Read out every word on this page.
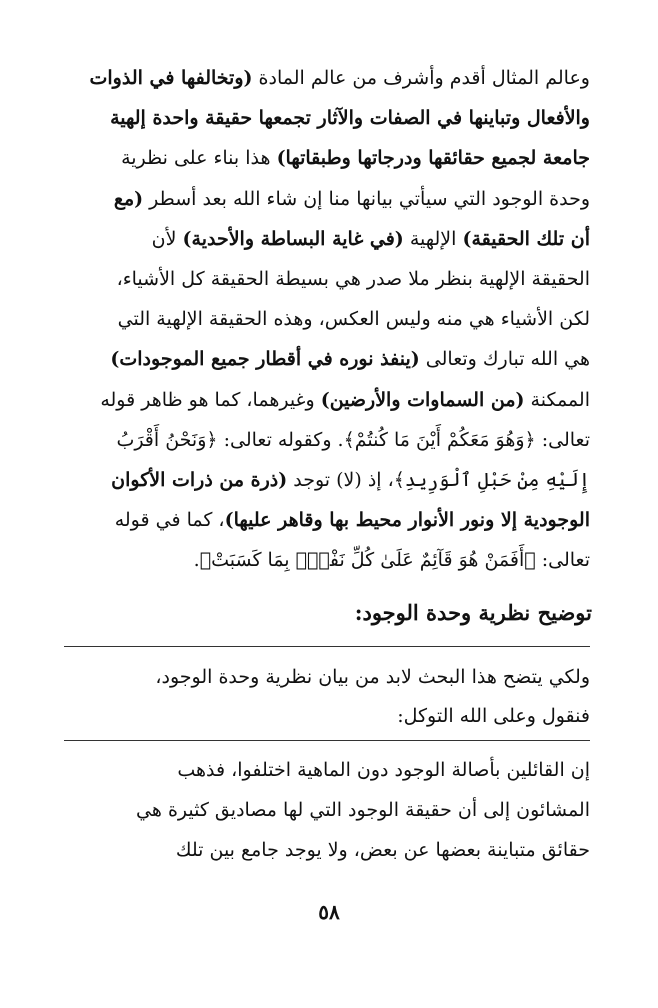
وعالم المثال أقدم وأشرف من عالم المادة (وتخالفها في الذوات
والأفعال وتباينها في الصفات والآثار تجمعها حقيقة واحدة إلهية
جامعة لجميع حقائقها ودرجاتها وطبقاتها) هذا بناء على نظرية
وحدة الوجود التي سيأتي بيانها منا إن شاء الله بعد أسطر (مع
أن تلك الحقيقة) الإلهية (في غاية البساطة والأحدية) لأن
الحقيقة الإلهية بنظر ملا صدر هي بسيطة الحقيقة كل الأشياء،
لكن الأشياء هي منه وليس العكس، وهذه الحقيقة الإلهية التي
هي الله تبارك وتعالى (ينفذ نوره في أقطار جميع الموجودات)
الممكنة (من السماوات والأرضين) وغيرهما، كما هو ظاهر قوله
تعالى: ﴿وَهُوَ مَعَكُمْ أَيْنَ مَا كُنتُمْ﴾. وكقوله تعالى: ﴿وَنَحْنُ أَقْرَبُ
إِلَيْهِ مِنْ حَبْلِ ٱلْوَرِيدِ﴾، إذ (لا) توجد (ذرة من ذرات الأكوان
الوجودية إلا ونور الأنوار محيط بها وقاهر عليها)، كما في قوله
تعالى: ﴿أَفَمَنْ هُوَ قَآئِمٌ عَلَىٰ كُلِّ نَفْسٍۭ بِمَا كَسَبَتْ﴾.
توضيح نظرية وحدة الوجود:
ولكي يتضح هذا البحث لابد من بيان نظرية وحدة الوجود،
فنقول وعلى الله التوكل:
إن القائلين بأصالة الوجود دون الماهية اختلفوا، فذهب
المشائون إلى أن حقيقة الوجود التي لها مصاديق كثيرة هي
حقائق متباينة بعضها عن بعض، ولا يوجد جامع بين تلك
٥٨
